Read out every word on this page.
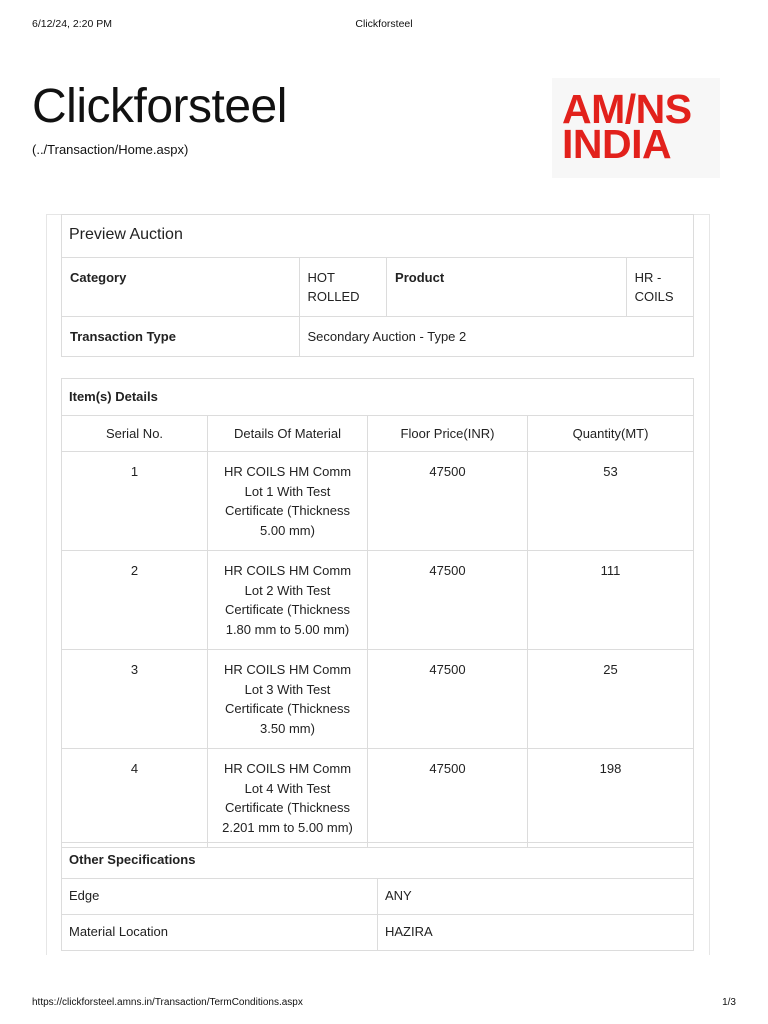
6/12/24, 2:20 PM	Clickforsteel
Clickforsteel
(../Transaction/Home.aspx)
AM/NS
INDIA
Preview Auction			
Category	HOT ROLLED	Product	HR - COILS
Transaction Type	Secondary Auction - Type 2		
Item(s) Details			
Serial No.	Details Of Material	Floor Price(INR)	Quantity(MT)
1	HR COILS HM Comm Lot 1 With Test Certificate (Thickness 5.00 mm)	47500	53
2	HR COILS HM Comm Lot 2 With Test Certificate (Thickness 1.80 mm to 5.00 mm)	47500	111
3	HR COILS HM Comm Lot 3 With Test Certificate (Thickness 3.50 mm)	47500	25
4	HR COILS HM Comm Lot 4 With Test Certificate (Thickness 2.201 mm to 5.00 mm)	47500	198
Other Specifications	
Edge	ANY
Material Location	HAZIRA
https://clickforsteel.amns.in/Transaction/TermConditions.aspx	1/3
